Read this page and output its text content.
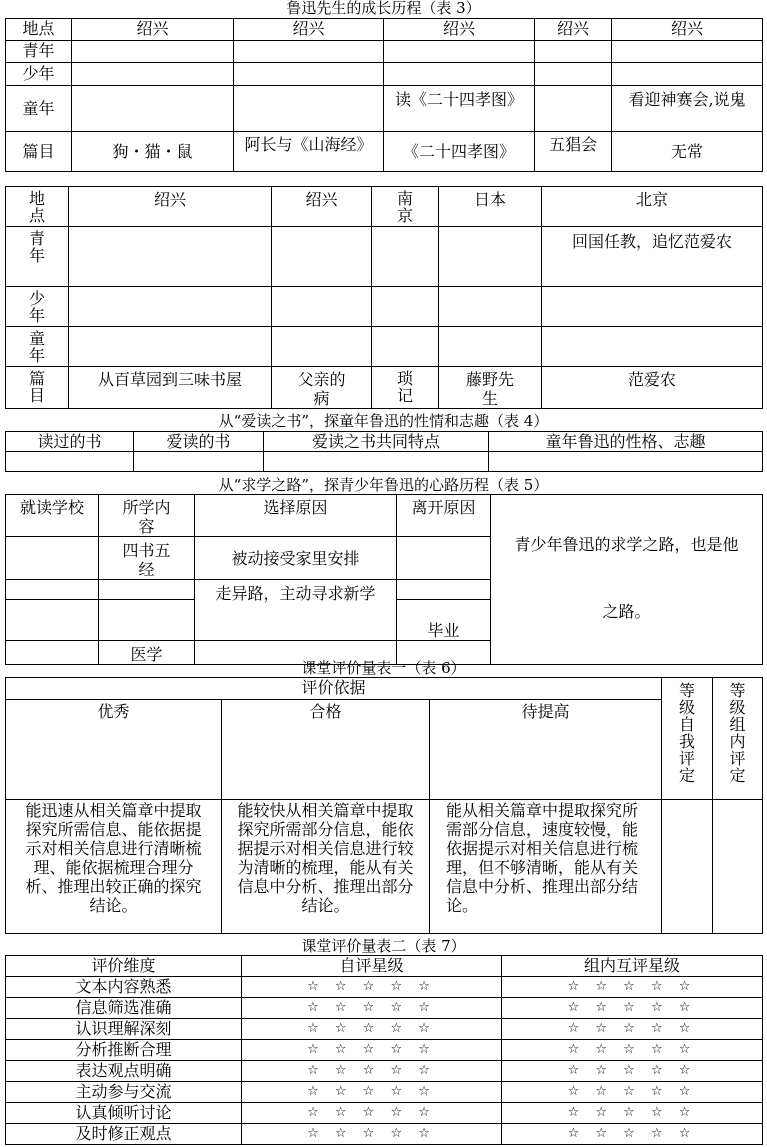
鲁迅先生的成长历程（表 3）
地点	绍兴	绍兴	绍兴	绍兴	绍兴
青年					
少年					
童年			读《二十四孝图》		看迎神赛会,说鬼
篇目	狗・猫・鼠	阿长与《山海经》	《二十四孝图》	五猖会	无常
地点	绍兴	绍兴	南京	日本	北京
青年					回国任教，追忆范爱农
少年					
童年					
篇目	从百草园到三味书屋	父亲的病	琐记	藤野先生	范爱农
从“爱读之书”，探童年鲁迅的性情和志趣（表 4）
读过的书	爱读的书	爱读之书共同特点	童年鲁迅的性格、志趣

从“求学之路”，探青少年鲁迅的心路历程（表 5）
就读学校	所学内容	选择原因	离开原因	青少年鲁迅的求学之路，也是他
之路。

	四书五经	被动接受家里安排		
		走异路，主动寻求新学		
			毕业	
	医学			
课堂评价量表一（表 6）
评价依据			等级自我评定	等级组内评定
优秀	合格	待提高		
能迅速从相关篇章中提取探究所需信息、能依据提示对相关信息进行清晰梳理、能依据梳理合理分析、推理出较正确的探究结论。	能较快从相关篇章中提取探究所需部分信息，能依据提示对相关信息进行较为清晰的梳理，能从有关信息中分析、推理出部分结论。	能从相关篇章中提取探究所需部分信息，速度较慢，能依据提示对相关信息进行梳理，但不够清晰，能从有关信息中分析、推理出部分结论。		
课堂评价量表二（表 7）
评价维度	自评星级	组内互评星级
文本内容熟悉	☆ ☆ ☆ ☆ ☆	☆ ☆ ☆ ☆ ☆
信息筛选准确	☆ ☆ ☆ ☆ ☆	☆ ☆ ☆ ☆ ☆
认识理解深刻	☆ ☆ ☆ ☆ ☆	☆ ☆ ☆ ☆ ☆
分析推断合理	☆ ☆ ☆ ☆ ☆	☆ ☆ ☆ ☆ ☆
表达观点明确	☆ ☆ ☆ ☆ ☆	☆ ☆ ☆ ☆ ☆
主动参与交流	☆ ☆ ☆ ☆ ☆	☆ ☆ ☆ ☆ ☆
认真倾听讨论	☆ ☆ ☆ ☆ ☆	☆ ☆ ☆ ☆ ☆
及时修正观点	☆ ☆ ☆ ☆ ☆	☆ ☆ ☆ ☆ ☆
